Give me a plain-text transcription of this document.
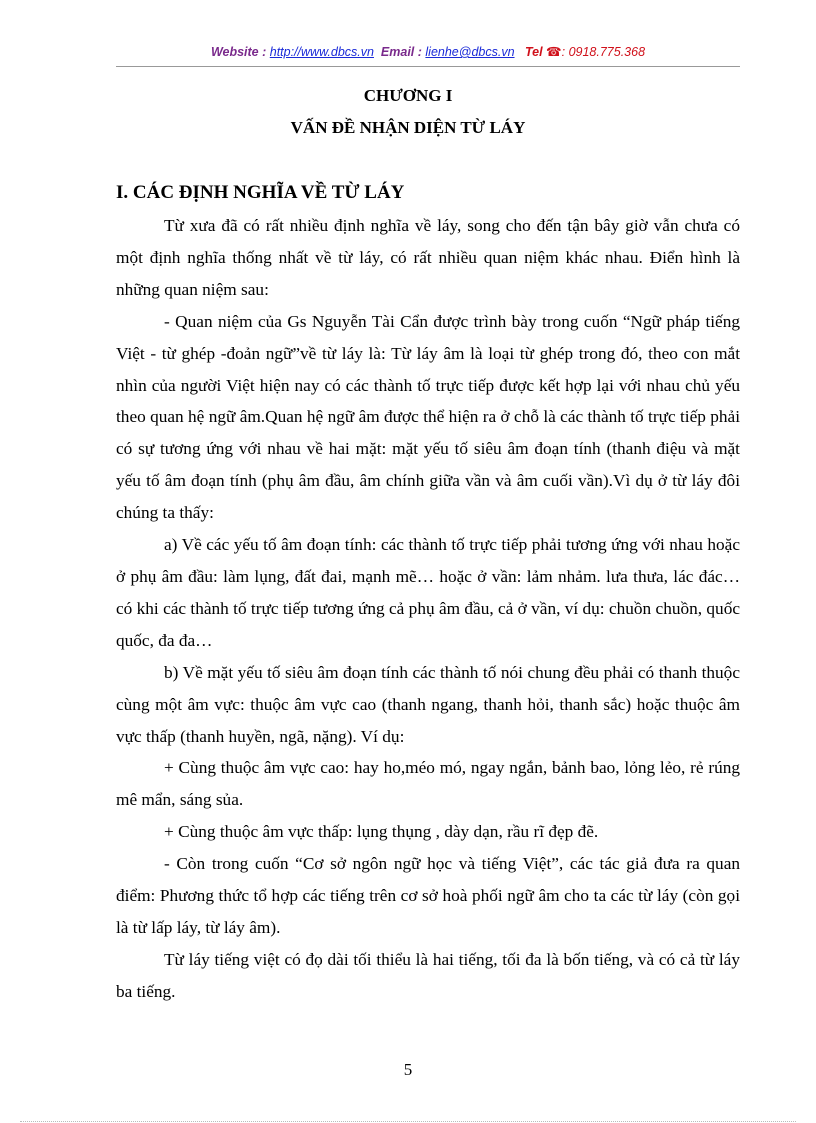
Website : http://www.dbcs.vn Email : lienhe@dbcs.vn Tel ☎: 0918.775.368
CHƯƠNG I
VẤN ĐỀ NHẬN DIỆN TỪ LÁY
I. CÁC ĐỊNH NGHĨA VỀ TỪ LÁY

Từ xưa đã có rất nhiều định nghĩa về láy, song cho đến tận bây giờ vẫn chưa có một định nghĩa thống nhất về từ láy, có rất nhiều quan niệm khác nhau. Điển hình là những quan niệm sau:

- Quan niệm của Gs Nguyễn Tài Cẩn được trình bày trong cuốn “Ngữ pháp tiếng Việt - từ ghép -đoản ngữ”về từ láy là: Từ láy âm là loại từ ghép trong đó, theo con mắt nhìn của người Việt hiện nay có các thành tố trực tiếp được kết hợp lại với nhau chủ yếu theo quan hệ ngữ âm.Quan hệ ngữ âm được thể hiện ra ở chỗ là các thành tố trực tiếp phải có sự tương ứng với nhau về hai mặt: mặt yếu tố siêu âm đoạn tính (thanh điệu và mặt yếu tố âm đoạn tính (phụ âm đầu, âm chính giữa vần và âm cuối vần).Vì dụ ở từ láy đôi chúng ta thấy:

a) Về các yếu tố âm đoạn tính: các thành tố trực tiếp phải tương ứng với nhau hoặc ở phụ âm đầu: làm lụng, đất đai, mạnh mẽ… hoặc ở vần: lảm nhảm. lưa thưa, lác đác… có khi các thành tố trực tiếp tương ứng cả phụ âm đầu, cả ở vần, ví dụ: chuồn chuồn, quốc quốc, đa đa…

b) Về mặt yếu tố siêu âm đoạn tính các thành tố nói chung đều phải có thanh thuộc cùng một âm vực: thuộc âm vực cao (thanh ngang, thanh hỏi, thanh sắc) hoặc thuộc âm vực thấp (thanh huyền, ngã, nặng). Ví dụ:

+ Cùng thuộc âm vực cao: hay ho,méo mó, ngay ngắn, bảnh bao, lỏng lẻo, rẻ rúng mê mẩn, sáng sủa.

+ Cùng thuộc âm vực thấp: lụng thụng , dày dạn, rầu rĩ đẹp đẽ.

- Còn trong cuốn “Cơ sở ngôn ngữ học và tiếng Việt”, các tác giả đưa ra quan điểm: Phương thức tổ hợp các tiếng trên cơ sở hoà phối ngữ âm cho ta các từ láy (còn gọi là từ lấp láy, từ láy âm).

Từ láy tiếng việt có đọ dài tối thiểu là hai tiếng, tối đa là bốn tiếng, và có cả từ láy ba tiếng.

5
